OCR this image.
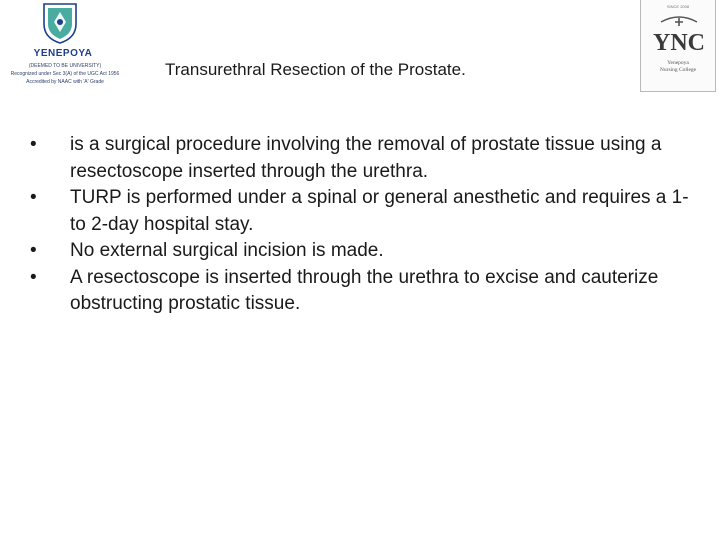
YENEPOYA
(DEEMED TO BE UNIVERSITY)
Recognized under Sec 3(A) of the UGC Act 1956
Accredited by NAAC with 'A' Grade
SINCE 2008
YNC
Yenepoya
Nursing College
Transurethral Resection of the Prostate.
•	is a surgical procedure involving the removal of prostate tissue using a resectoscope inserted through the urethra.
•	TURP is performed under a spinal or general anesthetic and requires a 1- to 2-day hospital stay.
•	No external surgical incision is made.
•	A resectoscope is inserted through the urethra to excise and cauterize obstructing prostatic tissue.
